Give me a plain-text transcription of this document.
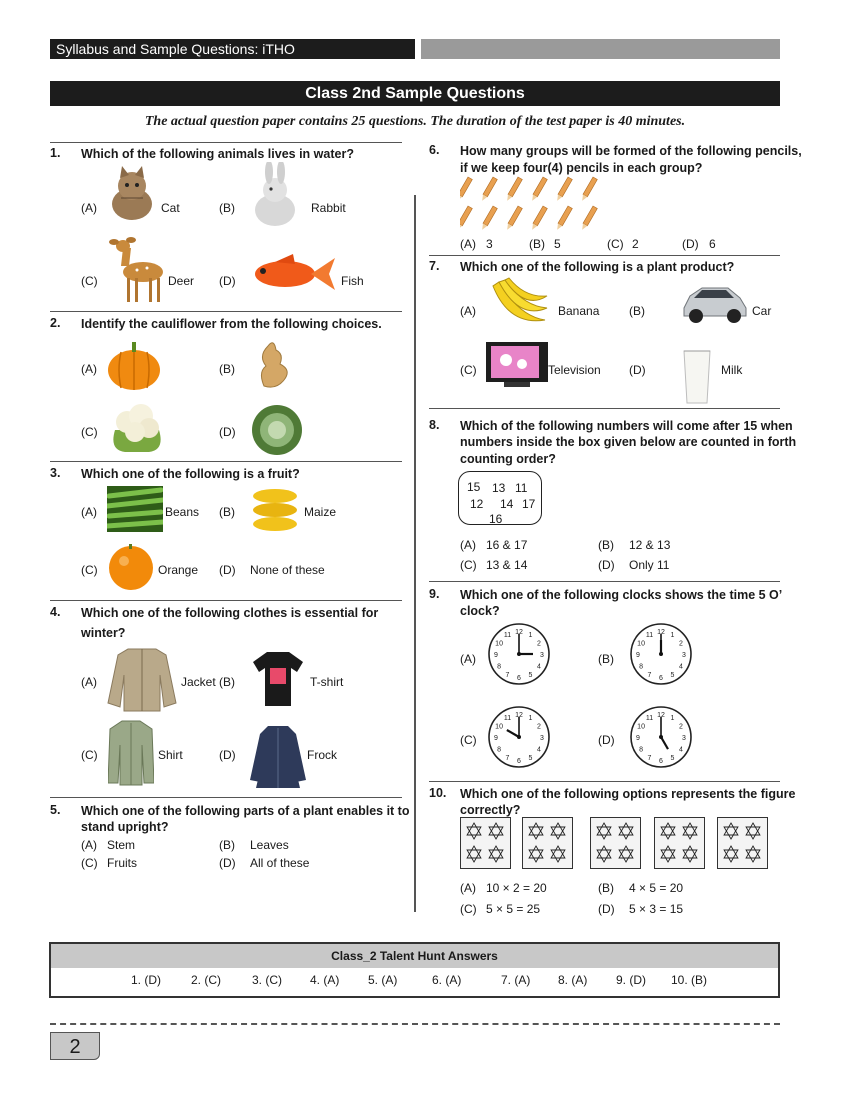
Syllabus and Sample Questions: iTHO
Class 2nd Sample Questions
The actual question paper contains 25 questions. The duration of the test paper is 40 minutes.
1. Which of the following animals lives in water?
(A)	Cat	(B)	Rabbit
(C)	Deer (D)	Fish
2. Identify the cauliflower from the following choices.
(A)	(B)
(C)	(D)
3. Which one of the following is a fruit?
(A)	Beans (B)	Maize
(C)	Orange (D) None of these
4. Which one of the following clothes is essential for
winter?
(A)	Jacket (B)	T-shirt
(C)	Shirt	(D)	Frock
5. Which one of the following parts of a plant enables it to
stand upright?
(A) Stem	(B) Leaves
(C) Fruits	(D) All of these
6. How many groups will be formed of the following pencils,
if we keep four(4) pencils in each group?
(A) 3	(B) 5	(C) 2	(D) 6
7. Which one of the following is a plant product?
(A)	Banana (B)	Car
(C)	Television (D)	Milk
8. Which of the following numbers will come after 15 when
numbers inside the box given below are counted in forth
counting order?
15 13 11
12 14 17
16
(A) 16 & 17	(B) 12 & 13
(C) 13 & 14	(D) Only 11
9. Which one of the following clocks shows the time 5 O’
clock?
(A)
1
2
3
4
5
6
7
8
9
10
11 12
(B)
1
2
3
4
5
6
7
8
9
10
11 12
(C)
1
2
3
4
5
6
7
8
9
10
11 12
(D)
1
2
3
4
5
6
7
8
9
10
11 12
10. Which one of the following options represents the figure
correctly?
(A) 10 × 2 = 20	(B) 4 × 5 = 20
(C) 5 × 5 = 25	(D) 5 × 3 = 15
Class_2 Talent Hunt Answers
1. (D)	2. (C)	3. (C) 4. (A) 5. (A)	6. (A)	7. (A) 8. (A) 9. (D) 10. (B)
2
